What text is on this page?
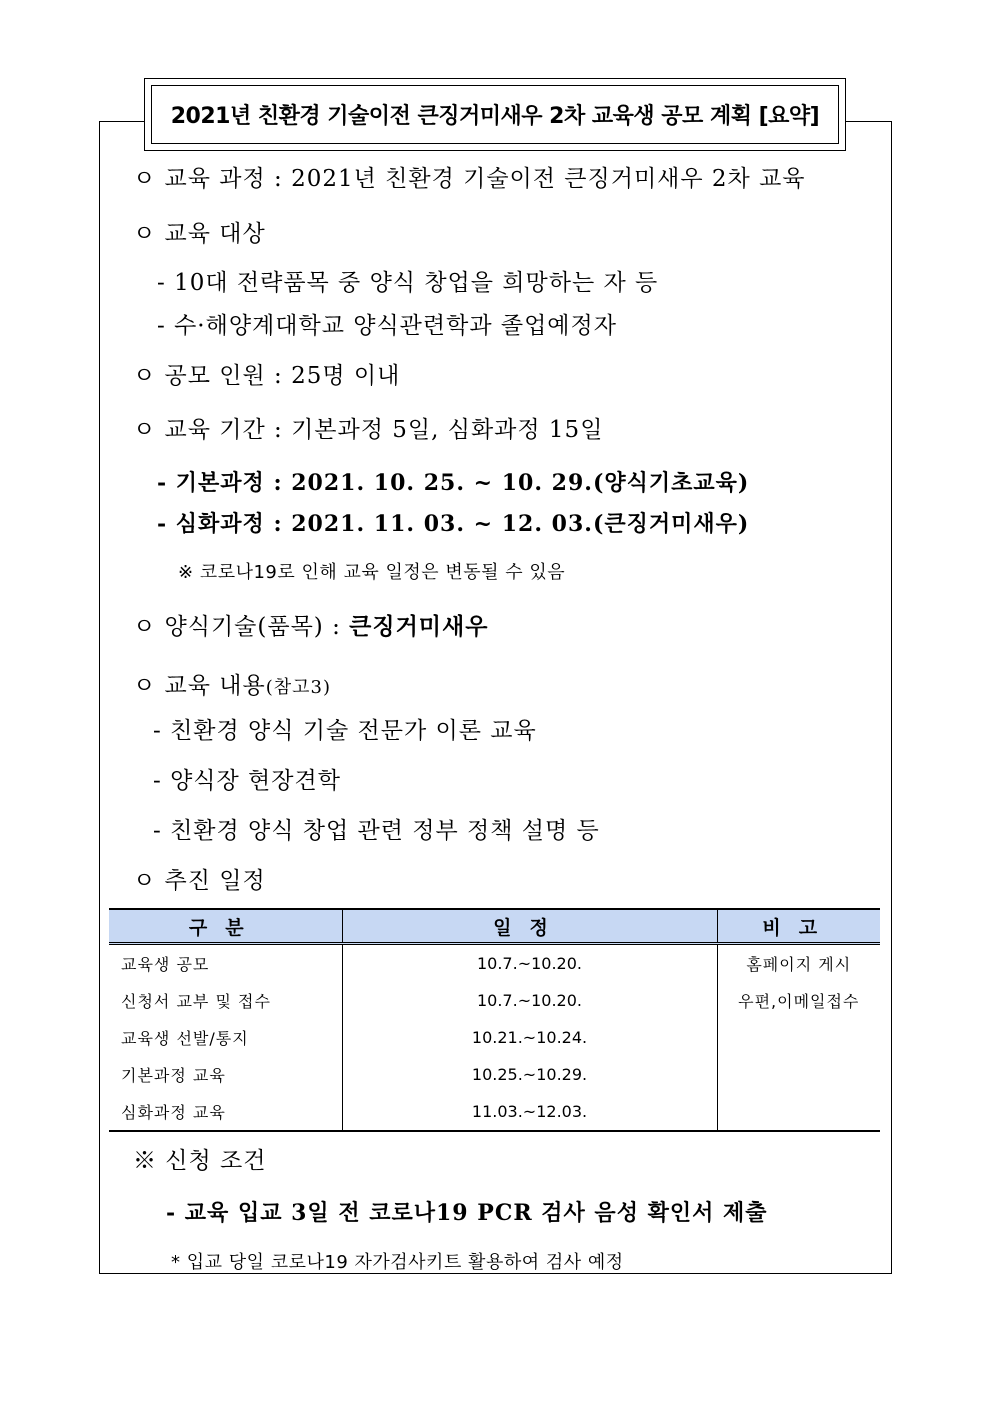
2021년 친환경 기술이전 큰징거미새우 2차 교육생 공모 계획 [요약]
ㅇ 교육 과정 : 2021년 친환경 기술이전 큰징거미새우 2차 교육
ㅇ 교육 대상
- 10대 전략품목 중 양식 창업을 희망하는 자 등
- 수·해양계대학교 양식관련학과 졸업예정자
ㅇ 공모 인원 : 25명 이내
ㅇ 교육 기간 : 기본과정 5일, 심화과정 15일
- 기본과정 : 2021. 10. 25. ~ 10. 29.(양식기초교육)
- 심화과정 : 2021. 11. 03. ~ 12. 03.(큰징거미새우)
※ 코로나19로 인해 교육 일정은 변동될 수 있음
ㅇ 양식기술(품목) : 큰징거미새우
ㅇ 교육 내용(참고3)
- 친환경 양식 기술 전문가 이론 교육
- 양식장 현장견학
- 친환경 양식 창업 관련 정부 정책 설명 등
ㅇ 추진 일정
구분	일정	비고
교육생 공모	10.7.~10.20.	홈페이지 게시
신청서 교부 및 접수	10.7.~10.20.	우편,이메일접수
교육생 선발/통지	10.21.~10.24.	
기본과정 교육	10.25.~10.29.	
심화과정 교육	11.03.~12.03.	
※ 신청 조건
- 교육 입교 3일 전 코로나19 PCR 검사 음성 확인서 제출
* 입교 당일 코로나19 자가검사키트 활용하여 검사 예정
